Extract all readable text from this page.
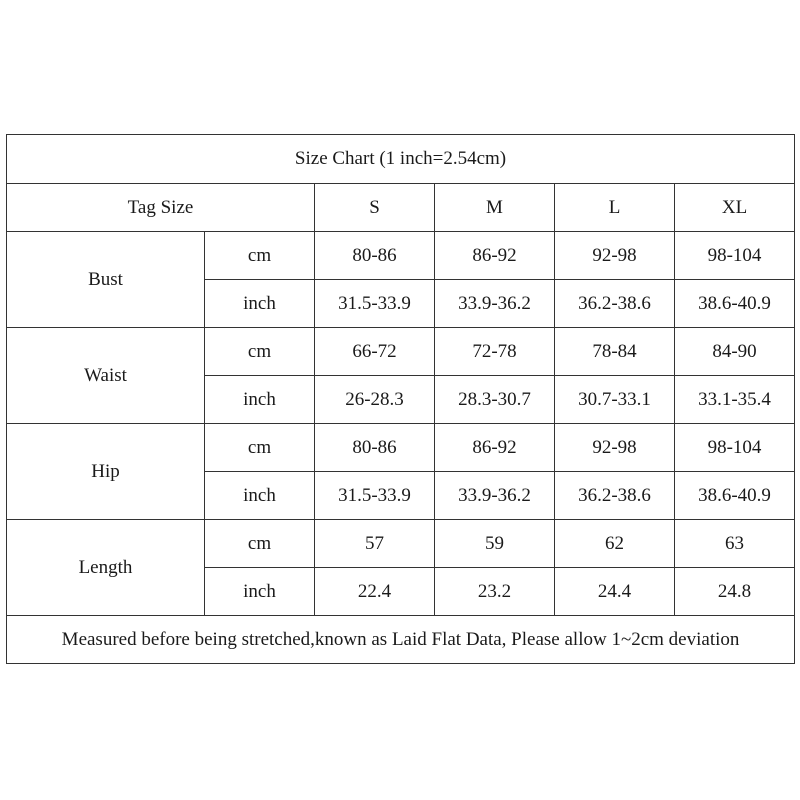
Size Chart (1 inch=2.54cm)					
Tag Size		S	M	L	XL
Bust	cm	80-86	86-92	92-98	98-104
	inch	31.5-33.9	33.9-36.2	36.2-38.6	38.6-40.9
Waist	cm	66-72	72-78	78-84	84-90
	inch	26-28.3	28.3-30.7	30.7-33.1	33.1-35.4
Hip	cm	80-86	86-92	92-98	98-104
	inch	31.5-33.9	33.9-36.2	36.2-38.6	38.6-40.9
Length	cm	57	59	62	63
	inch	22.4	23.2	24.4	24.8
Measured before being stretched,known as Laid Flat Data, Please allow 1~2cm deviation					
